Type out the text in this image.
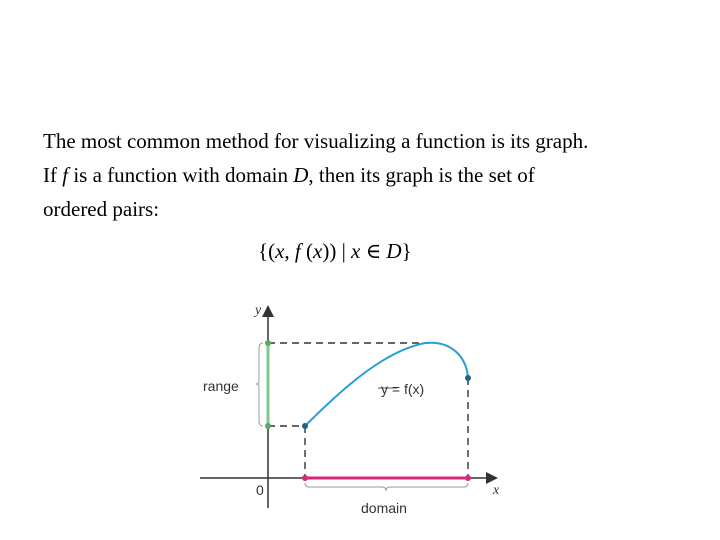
The most common method for visualizing a function is its graph.
If f is a function with domain D, then its graph is the set of
ordered pairs:
{(x, f (x)) | x ∈ D}
y
x
0
range
domain
y = f(x)
